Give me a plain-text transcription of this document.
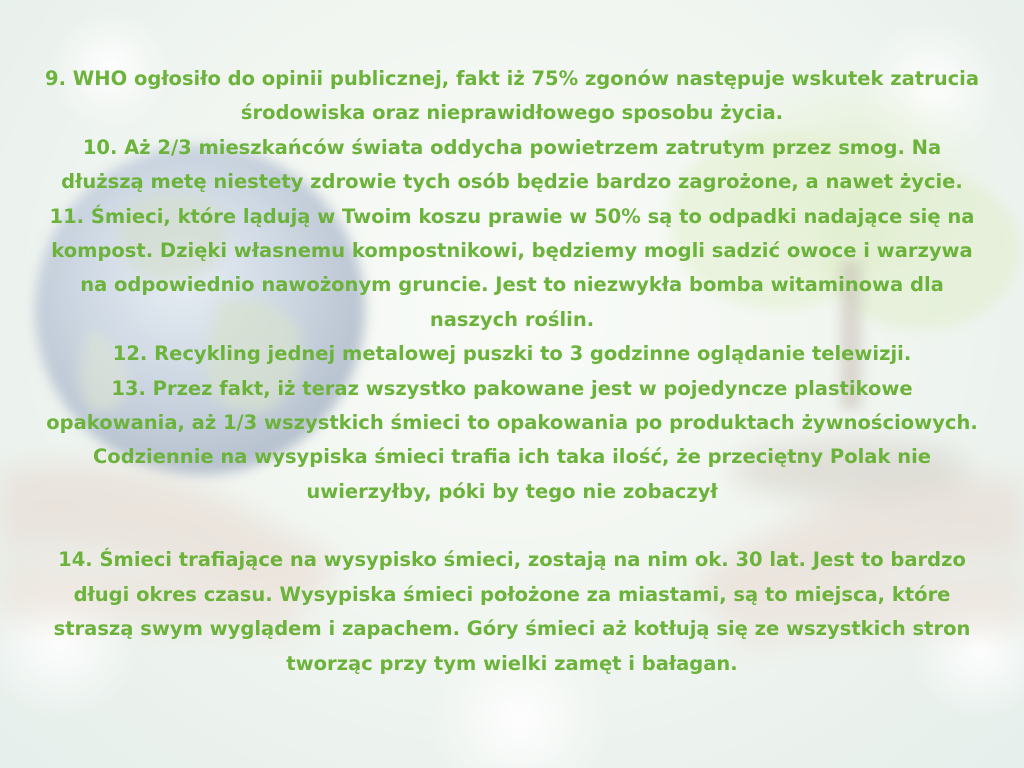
9. WHO ogłosiło do opinii publicznej, fakt iż 75% zgonów następuje wskutek zatrucia środowiska oraz nieprawidłowego sposobu życia.

10. Aż 2/3 mieszkańców świata oddycha powietrzem zatrutym przez smog. Na dłuższą metę niestety zdrowie tych osób będzie bardzo zagrożone, a nawet życie.

11. Śmieci, które lądują w Twoim koszu prawie w 50% są to odpadki nadające się na kompost. Dzięki własnemu kompostnikowi, będziemy mogli sadzić owoce i warzywa na odpowiednio nawożonym gruncie. Jest to niezwykła bomba witaminowa dla naszych roślin.

12. Recykling jednej metalowej puszki to 3 godzinne oglądanie telewizji.

13. Przez fakt, iż teraz wszystko pakowane jest w pojedyncze plastikowe opakowania, aż 1/3 wszystkich śmieci to opakowania po produktach żywnościowych. Codziennie na wysypiska śmieci trafia ich taka ilość, że przeciętny Polak nie uwierzyłby, póki by tego nie zobaczył

14. Śmieci trafiające na wysypisko śmieci, zostają na nim ok. 30 lat. Jest to bardzo długi okres czasu. Wysypiska śmieci położone za miastami, są to miejsca, które straszą swym wyglądem i zapachem. Góry śmieci aż kotłują się ze wszystkich stron tworząc przy tym wielki zamęt i bałagan.
